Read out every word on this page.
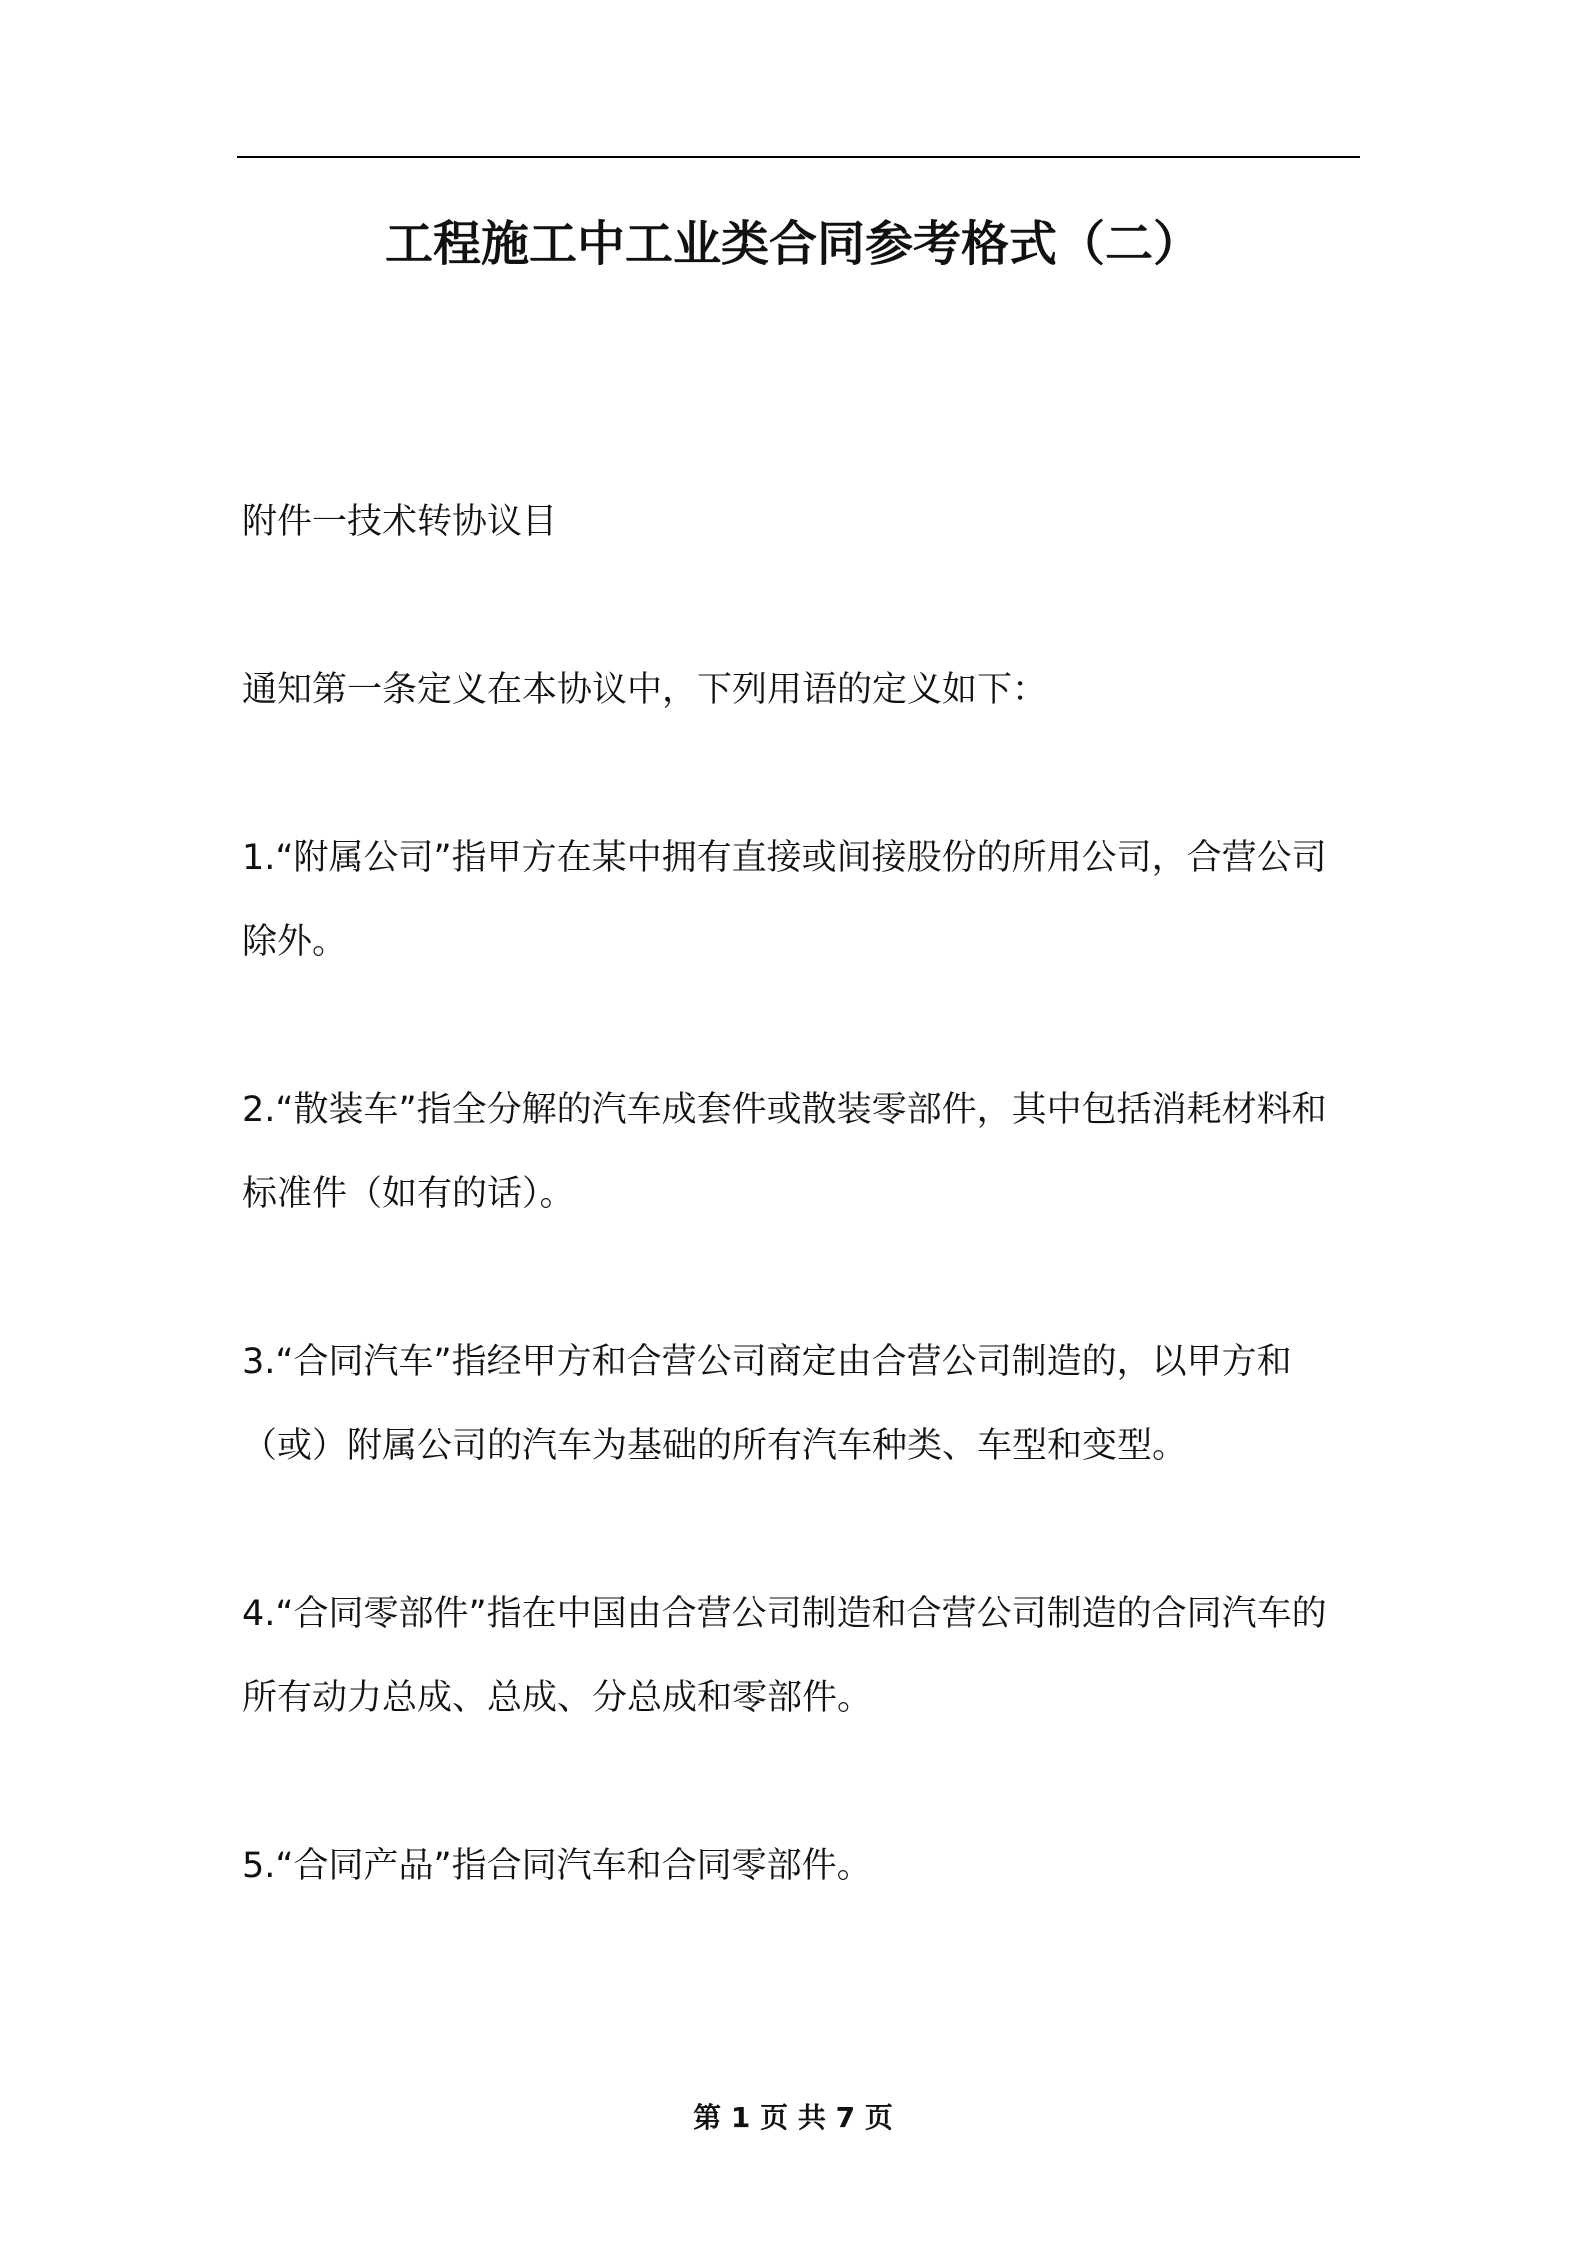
工程施工中工业类合同参考格式（二）

附件一技术转协议目

通知第一条定义在本协议中，下列用语的定义如下：

1.“附属公司”指甲方在某中拥有直接或间接股份的所用公司，合营公司除外。

2.“散装车”指全分解的汽车成套件或散装零部件，其中包括消耗材料和标准件（如有的话）。

3.“合同汽车”指经甲方和合营公司商定由合营公司制造的，以甲方和（或）附属公司的汽车为基础的所有汽车种类、车型和变型。

4.“合同零部件”指在中国由合营公司制造和合营公司制造的合同汽车的所有动力总成、总成、分总成和零部件。

5.“合同产品”指合同汽车和合同零部件。

第 1 页 共 7 页
